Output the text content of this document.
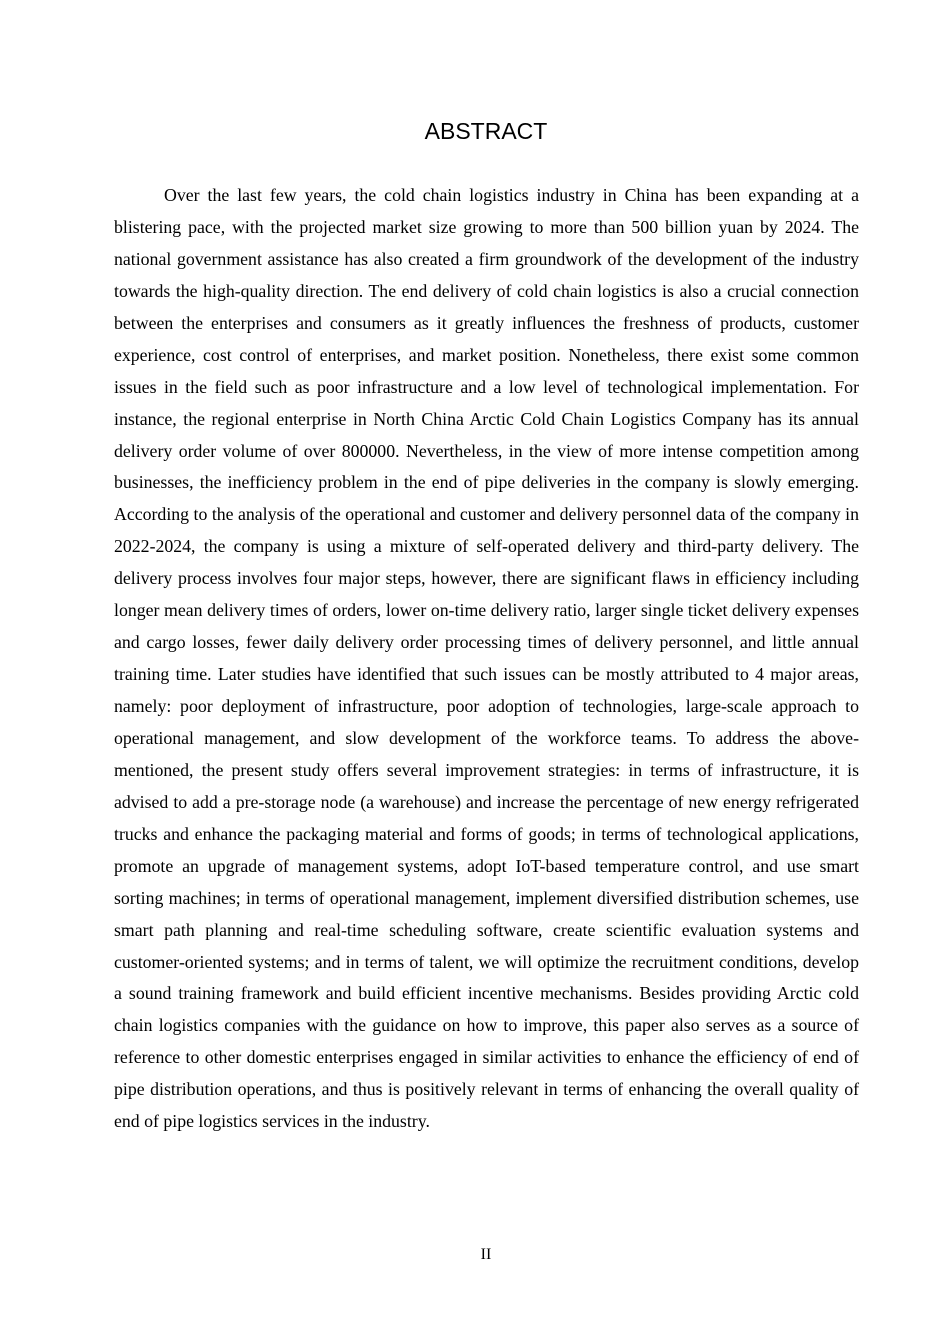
ABSTRACT

Over the last few years, the cold chain logistics industry in China has been expanding at a blistering pace, with the projected market size growing to more than 500 billion yuan by 2024. The national government assistance has also created a firm groundwork of the development of the industry towards the high-quality direction. The end delivery of cold chain logistics is also a crucial connection between the enterprises and consumers as it greatly influences the freshness of products, customer experience, cost control of enterprises, and market position. Nonetheless, there exist some common issues in the field such as poor infrastructure and a low level of technological implementation. For instance, the regional enterprise in North China Arctic Cold Chain Logistics Company has its annual delivery order volume of over 800000. Nevertheless, in the view of more intense competition among businesses, the inefficiency problem in the end of pipe deliveries in the company is slowly emerging. According to the analysis of the operational and customer and delivery personnel data of the company in 2022-2024, the company is using a mixture of self-operated delivery and third-party delivery. The delivery process involves four major steps, however, there are significant flaws in efficiency including longer mean delivery times of orders, lower on-time delivery ratio, larger single ticket delivery expenses and cargo losses, fewer daily delivery order processing times of delivery personnel, and little annual training time. Later studies have identified that such issues can be mostly attributed to 4 major areas, namely: poor deployment of infrastructure, poor adoption of technologies, large-scale approach to operational management, and slow development of the workforce teams. To address the above-mentioned, the present study offers several improvement strategies: in terms of infrastructure, it is advised to add a pre-storage node (a warehouse) and increase the percentage of new energy refrigerated trucks and enhance the packaging material and forms of goods; in terms of technological applications, promote an upgrade of management systems, adopt IoT-based temperature control, and use smart sorting machines; in terms of operational management, implement diversified distribution schemes, use smart path planning and real-time scheduling software, create scientific evaluation systems and customer-oriented systems; and in terms of talent, we will optimize the recruitment conditions, develop a sound training framework and build efficient incentive mechanisms. Besides providing Arctic cold chain logistics companies with the guidance on how to improve, this paper also serves as a source of reference to other domestic enterprises engaged in similar activities to enhance the efficiency of end of pipe distribution operations, and thus is positively relevant in terms of enhancing the overall quality of end of pipe logistics services in the industry.

II
